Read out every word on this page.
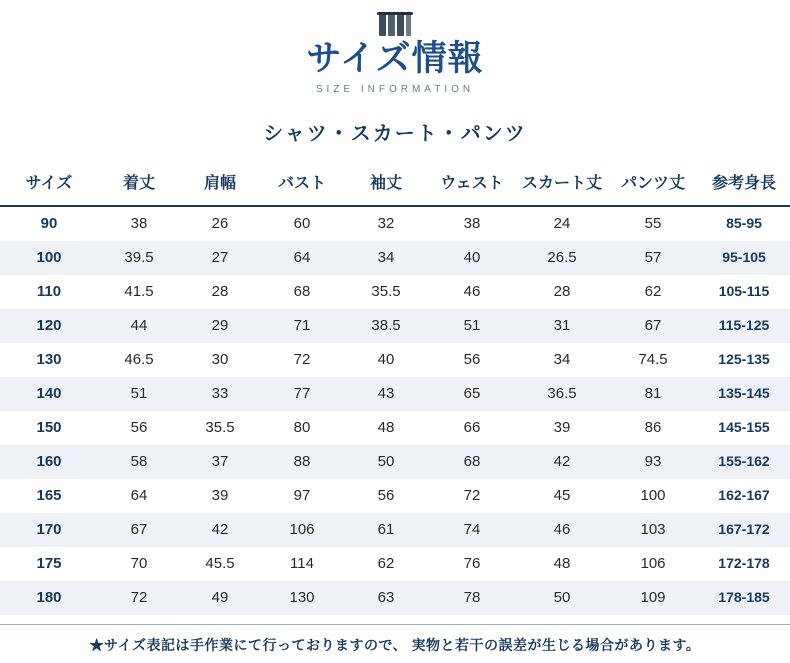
サイズ情報
SIZE INFORMATION
シャツ・スカート・パンツ
サイズ	着丈	肩幅	バスト	袖丈	ウェスト	スカート丈	パンツ丈	参考身長
90	38	26	60	32	38	24	55	85-95
100	39.5	27	64	34	40	26.5	57	95-105
110	41.5	28	68	35.5	46	28	62	105-115
120	44	29	71	38.5	51	31	67	115-125
130	46.5	30	72	40	56	34	74.5	125-135
140	51	33	77	43	65	36.5	81	135-145
150	56	35.5	80	48	66	39	86	145-155
160	58	37	88	50	68	42	93	155-162
165	64	39	97	56	72	45	100	162-167
170	67	42	106	61	74	46	103	167-172
175	70	45.5	114	62	76	48	106	172-178
180	72	49	130	63	78	50	109	178-185
★サイズ表記は手作業にて行っておりますので、 実物と若干の誤差が生じる場合があります。
